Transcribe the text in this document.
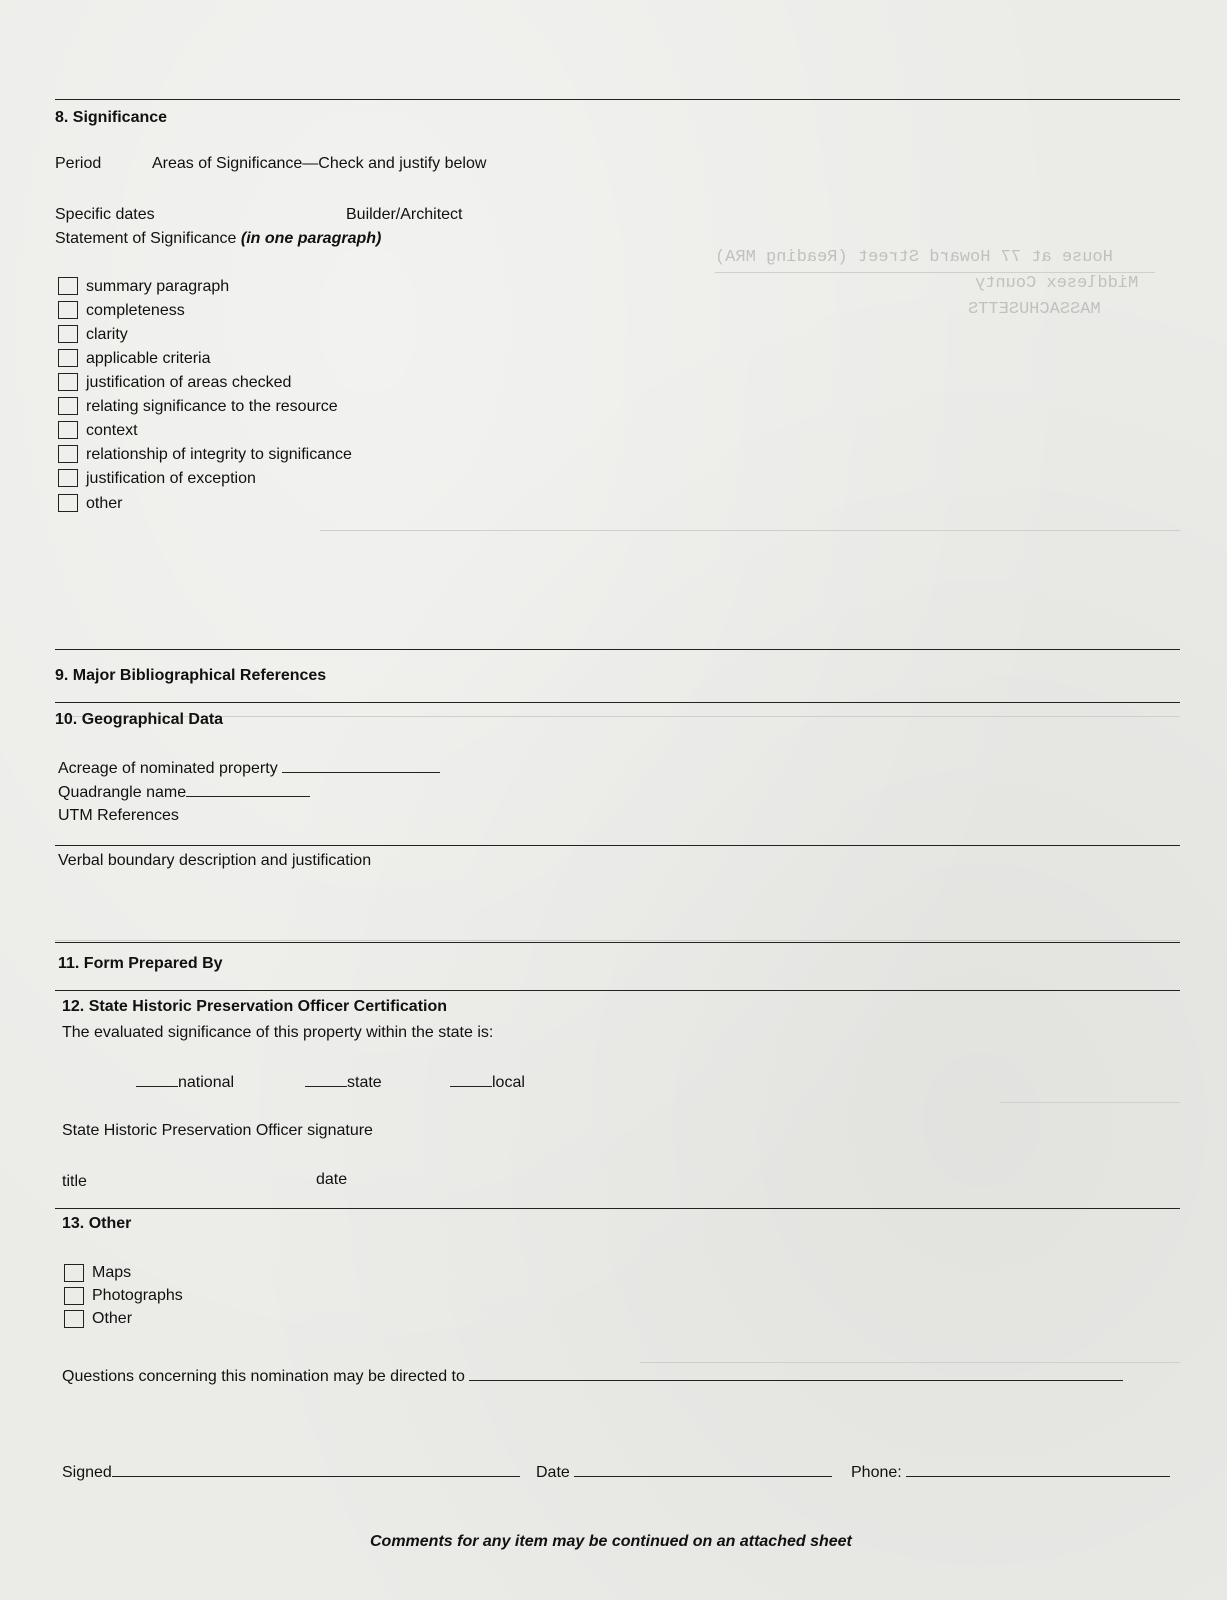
House at 77 Howard Street (Reading MRA)
Middlesex County
MASSACHUSETTS
8. Significance
Period	Areas of Significance—Check and justify below
Specific dates	Builder/Architect
Statement of Significance (in one paragraph)
summary paragraph
completeness
clarity
applicable criteria
justification of areas checked
relating significance to the resource
context
relationship of integrity to significance
justification of exception
other
9. Major Bibliographical References
10. Geographical Data
Acreage of nominated property
Quadrangle name
UTM References
Verbal boundary description and justification
11. Form Prepared By
12. State Historic Preservation Officer Certification
The evaluated significance of this property within the state is:
national	state	local
State Historic Preservation Officer signature
title	date
13. Other
Maps
Photographs
Other
Questions concerning this nomination may be directed to
Signed	Date	Phone:
Comments for any item may be continued on an attached sheet
